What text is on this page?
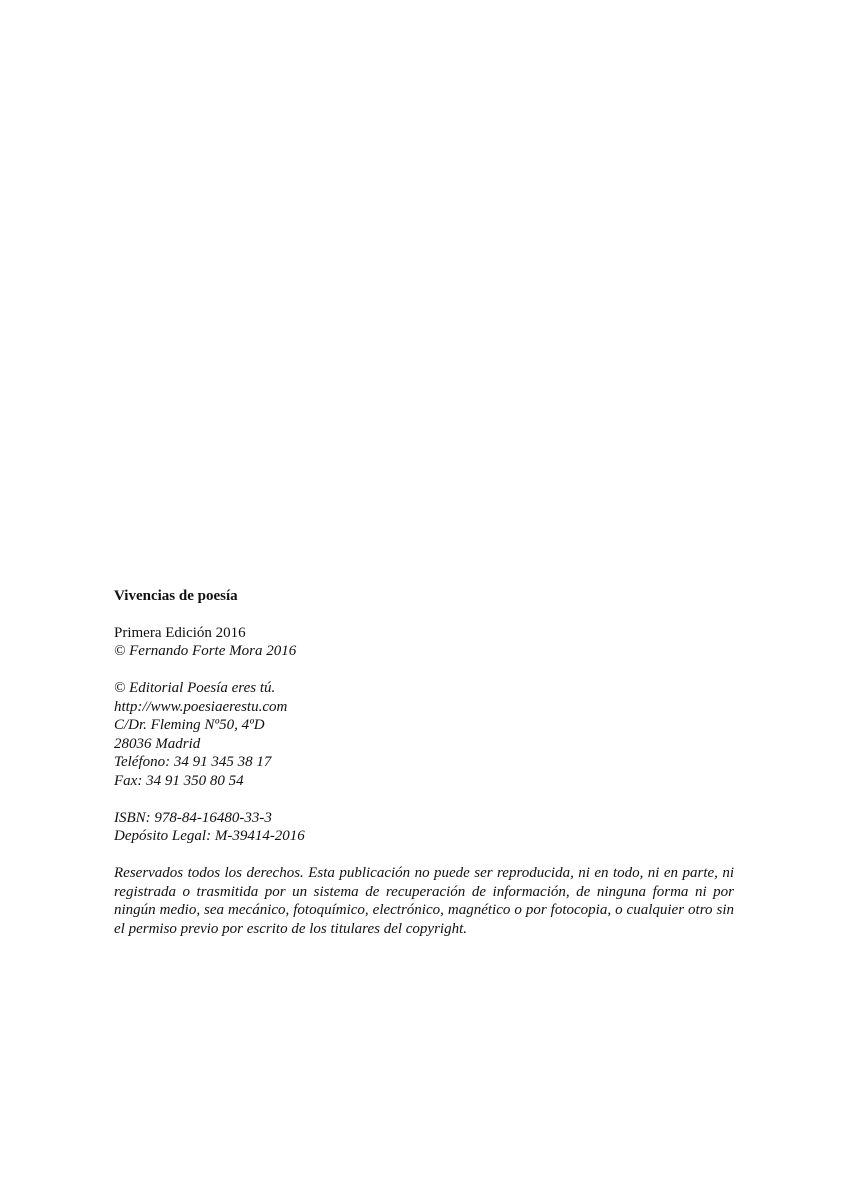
Vivencias de poesía
Primera Edición 2016
© Fernando Forte Mora 2016
© Editorial Poesía eres tú.
http://www.poesiaerestu.com
C/Dr. Fleming Nº50, 4ºD
28036 Madrid
Teléfono: 34 91 345 38 17
Fax: 34 91 350 80 54
ISBN: 978-84-16480-33-3
Depósito Legal: M-39414-2016

Reservados todos los derechos. Esta publicación no puede ser reproducida, ni en todo, ni en parte, ni registrada o trasmitida por un sistema de recuperación de información, de ninguna forma ni por ningún medio, sea mecánico, fotoquímico, electrónico, magnético o por fotocopia, o cualquier otro sin el permiso previo por escrito de los titulares del copyright.
